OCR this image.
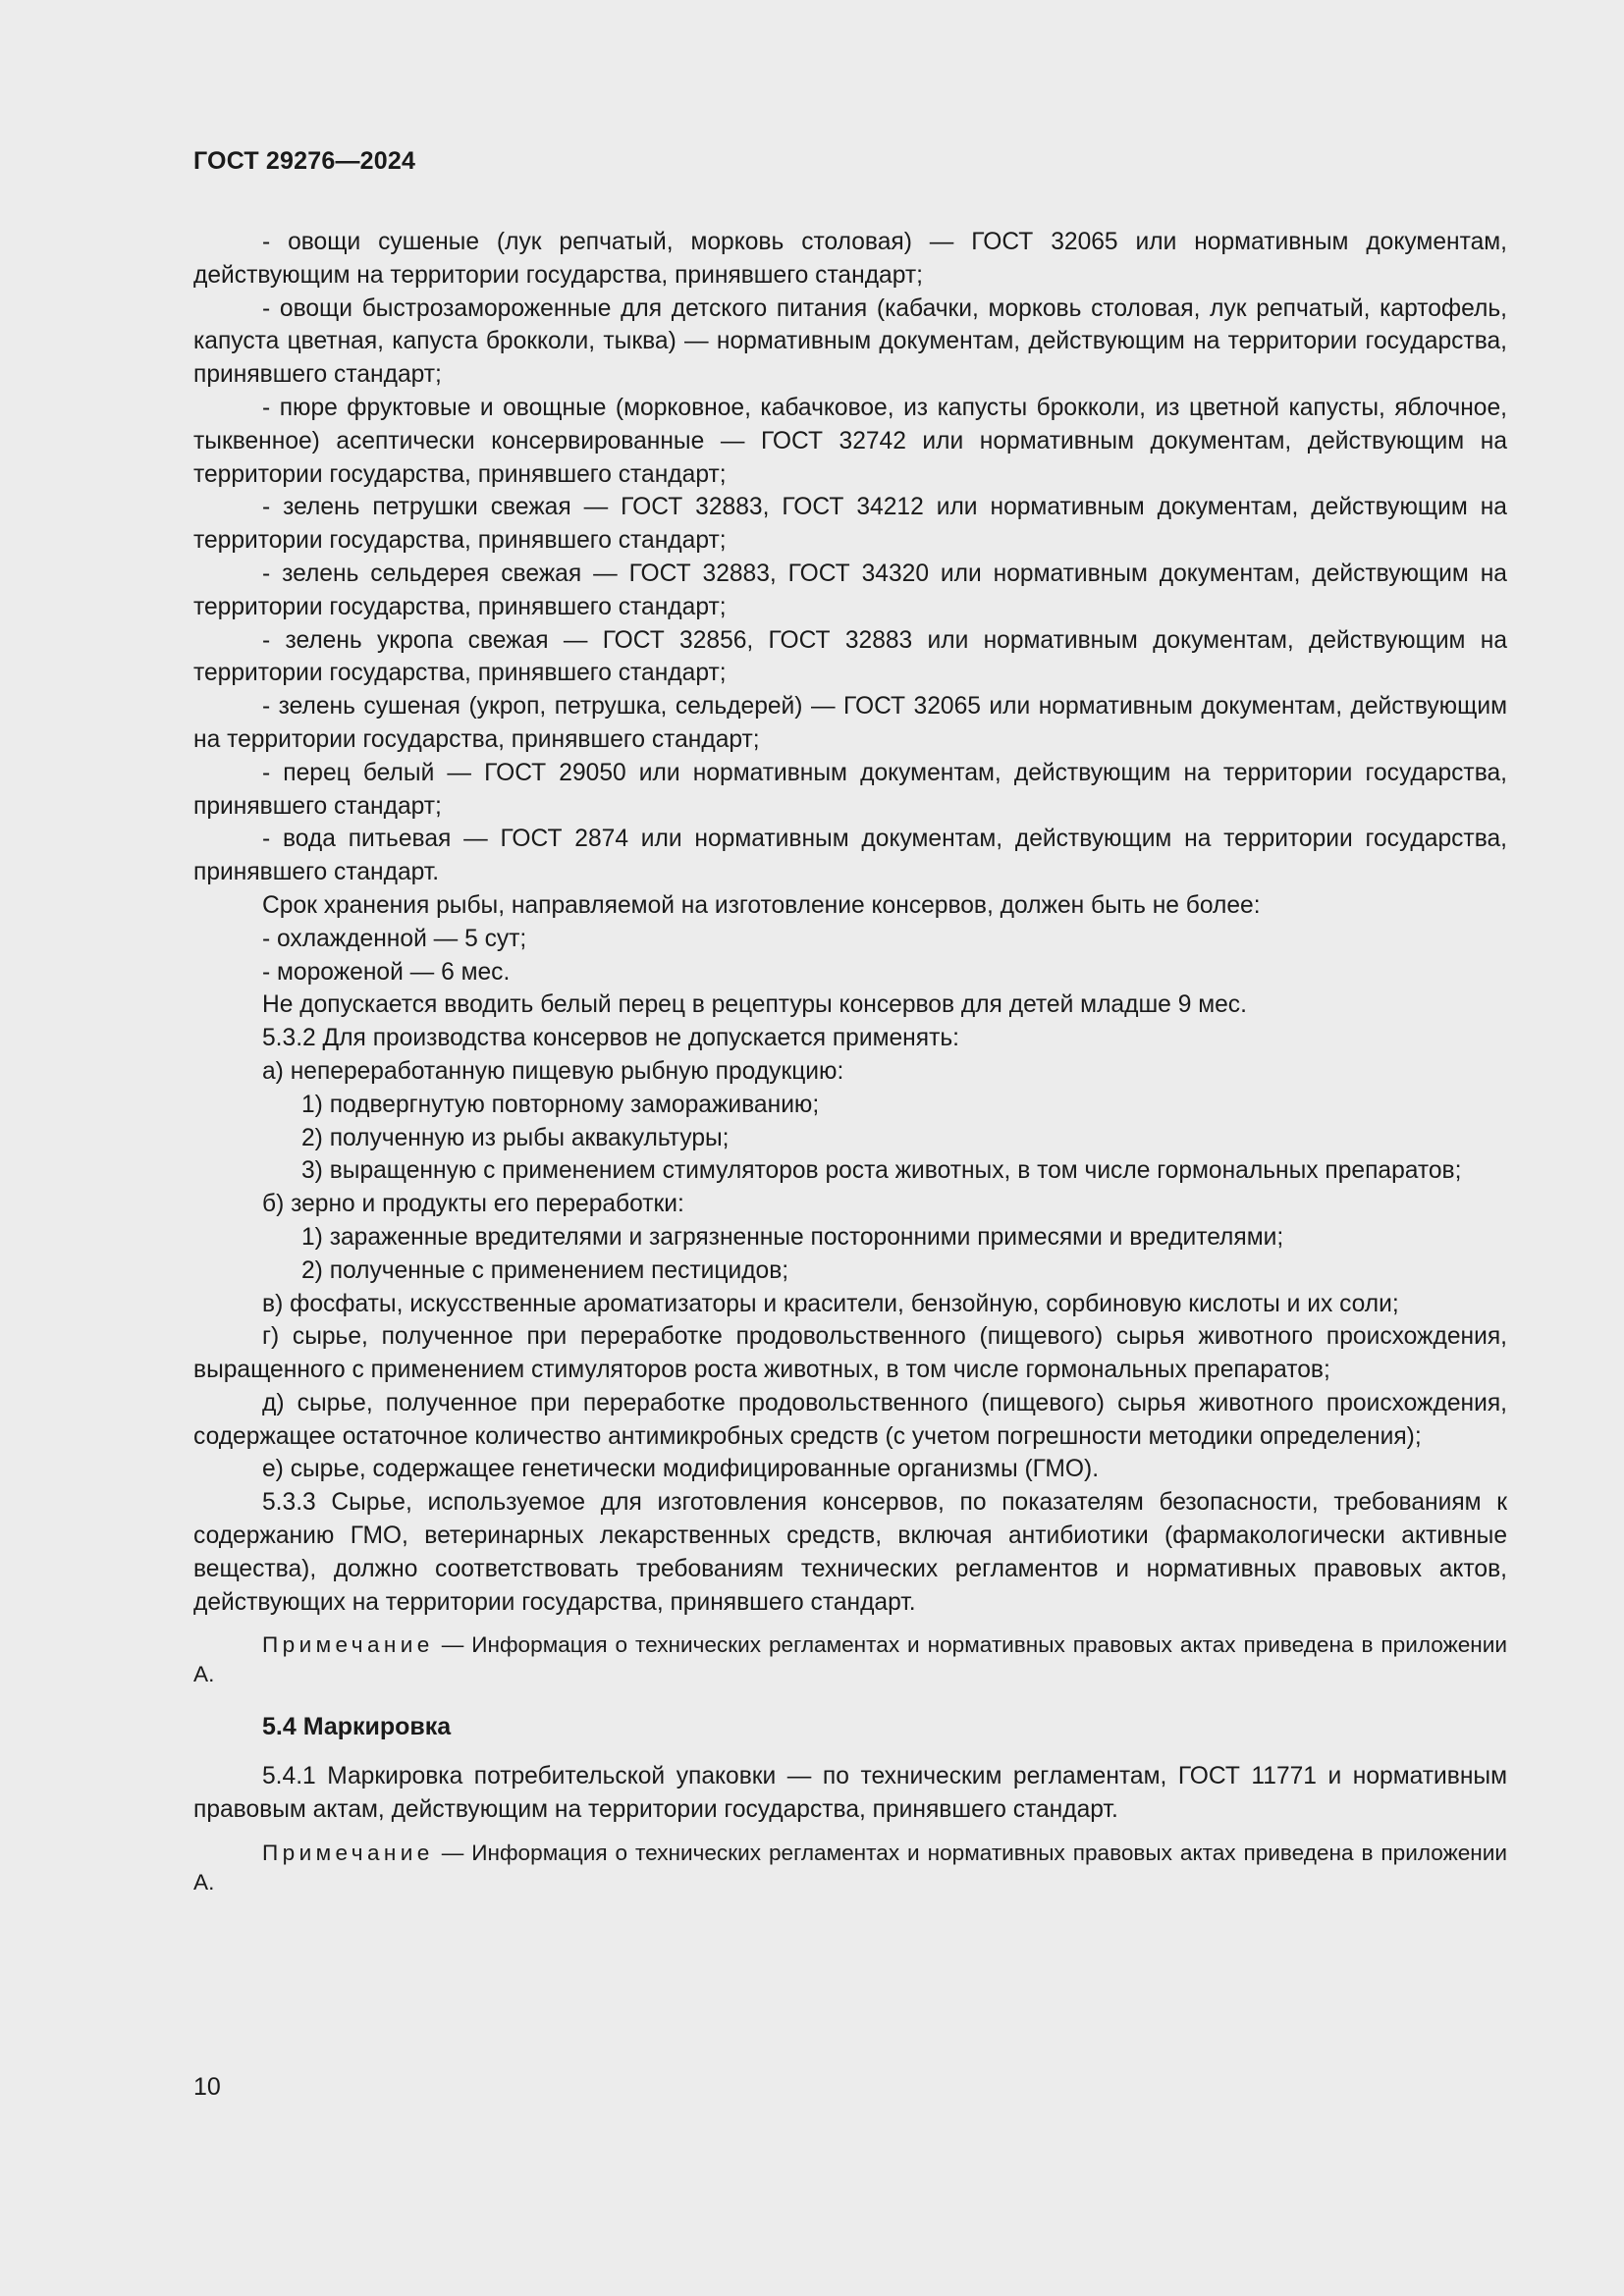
ГОСТ 29276—2024

- овощи сушеные (лук репчатый, морковь столовая) — ГОСТ 32065 или нормативным документам, действующим на территории государства, принявшего стандарт;

- овощи быстрозамороженные для детского питания (кабачки, морковь столовая, лук репчатый, картофель, капуста цветная, капуста брокколи, тыква) — нормативным документам, действующим на территории государства, принявшего стандарт;

- пюре фруктовые и овощные (морковное, кабачковое, из капусты брокколи, из цветной капусты, яблочное, тыквенное) асептически консервированные — ГОСТ 32742 или нормативным документам, действующим на территории государства, принявшего стандарт;

- зелень петрушки свежая — ГОСТ 32883, ГОСТ 34212 или нормативным документам, действующим на территории государства, принявшего стандарт;

- зелень сельдерея свежая — ГОСТ 32883, ГОСТ 34320 или нормативным документам, действующим на территории государства, принявшего стандарт;

- зелень укропа свежая — ГОСТ 32856, ГОСТ 32883 или нормативным документам, действующим на территории государства, принявшего стандарт;

- зелень сушеная (укроп, петрушка, сельдерей) — ГОСТ 32065 или нормативным документам, действующим на территории государства, принявшего стандарт;

- перец белый — ГОСТ 29050 или нормативным документам, действующим на территории государства, принявшего стандарт;

- вода питьевая — ГОСТ 2874 или нормативным документам, действующим на территории государства, принявшего стандарт.

Срок хранения рыбы, направляемой на изготовление консервов, должен быть не более:

- охлажденной — 5 сут;

- мороженой — 6 мес.

Не допускается вводить белый перец в рецептуры консервов для детей младше 9 мес.

5.3.2 Для производства консервов не допускается применять:

а) непереработанную пищевую рыбную продукцию:

1) подвергнутую повторному замораживанию;

2) полученную из рыбы аквакультуры;

3) выращенную с применением стимуляторов роста животных, в том числе гормональных препаратов;

б) зерно и продукты его переработки:

1) зараженные вредителями и загрязненные посторонними примесями и вредителями;

2) полученные с применением пестицидов;

в) фосфаты, искусственные ароматизаторы и красители, бензойную, сорбиновую кислоты и их соли;

г) сырье, полученное при переработке продовольственного (пищевого) сырья животного происхождения, выращенного с применением стимуляторов роста животных, в том числе гормональных препаратов;

д) сырье, полученное при переработке продовольственного (пищевого) сырья животного происхождения, содержащее остаточное количество антимикробных средств (с учетом погрешности методики определения);

е) сырье, содержащее генетически модифицированные организмы (ГМО).

5.3.3 Сырье, используемое для изготовления консервов, по показателям безопасности, требованиям к содержанию ГМО, ветеринарных лекарственных средств, включая антибиотики (фармакологически активные вещества), должно соответствовать требованиям технических регламентов и нормативных правовых актов, действующих на территории государства, принявшего стандарт.

Примечание — Информация о технических регламентах и нормативных правовых актах приведена в приложении А.

5.4 Маркировка

5.4.1 Маркировка потребительской упаковки — по техническим регламентам, ГОСТ 11771 и нормативным правовым актам, действующим на территории государства, принявшего стандарт.

Примечание — Информация о технических регламентах и нормативных правовых актах приведена в приложении А.

10
